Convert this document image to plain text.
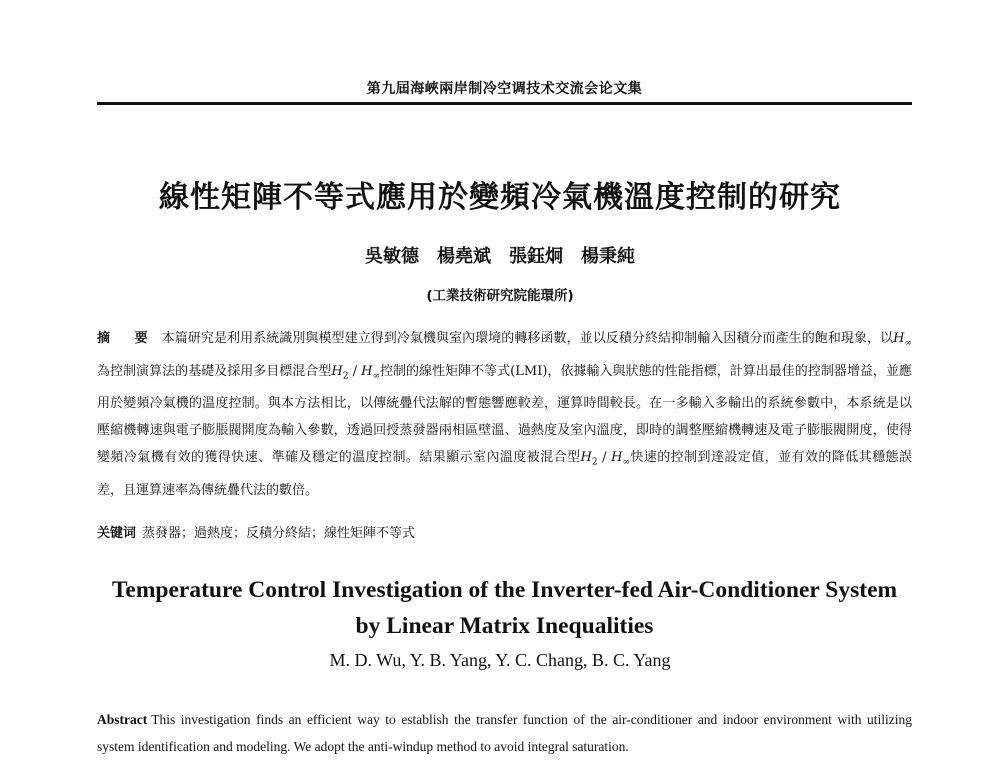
第九屆海峽兩岸制冷空调技术交流会论文集
線性矩陣不等式應用於變頻冷氣機溫度控制的研究
吳敏德　楊堯斌　張鈺炯　楊秉純
(工業技術研究院能環所)
摘 要 本篇研究是利用系統識別與模型建立得到冷氣機與室內環境的轉移函數，並以反積分終結抑制輸入因積分而產生的飽和現象，以$H_\infty$為控制演算法的基礎及採用多目標混合型$H_2 / H_\infty$控制的線性矩陣不等式(LMI)，依據輸入與狀態的性能指標，計算出最佳的控制器增益，並應用於變頻冷氣機的溫度控制。與本方法相比，以傳統疊代法解的暫態響應較差，運算時間較長。在一多輸入多輸出的系統參數中，本系統是以壓縮機轉速與電子膨脹閥開度為輸入參數，透過回授蒸發器兩相區壁溫、過熱度及室內溫度，即時的調整壓縮機轉速及電子膨脹閥開度，使得變頻冷氣機有效的獲得快速、準確及穩定的溫度控制。結果顯示室內溫度被混合型$H_2 / H_\infty$快速的控制到達設定值，並有效的降低其穩態誤差，且運算速率為傳統疊代法的數倍。
关键词 蒸發器；過熱度；反積分終結；線性矩陣不等式
Temperature Control Investigation of the Inverter-fed Air-Conditioner System by Linear Matrix Inequalities
M. D. Wu, Y. B. Yang, Y. C. Chang, B. C. Yang
Abstract This investigation finds an efficient way to establish the transfer function of the air-conditioner and indoor environment with utilizing system identification and modeling. We adopt the anti-windup method to avoid integral saturation.
